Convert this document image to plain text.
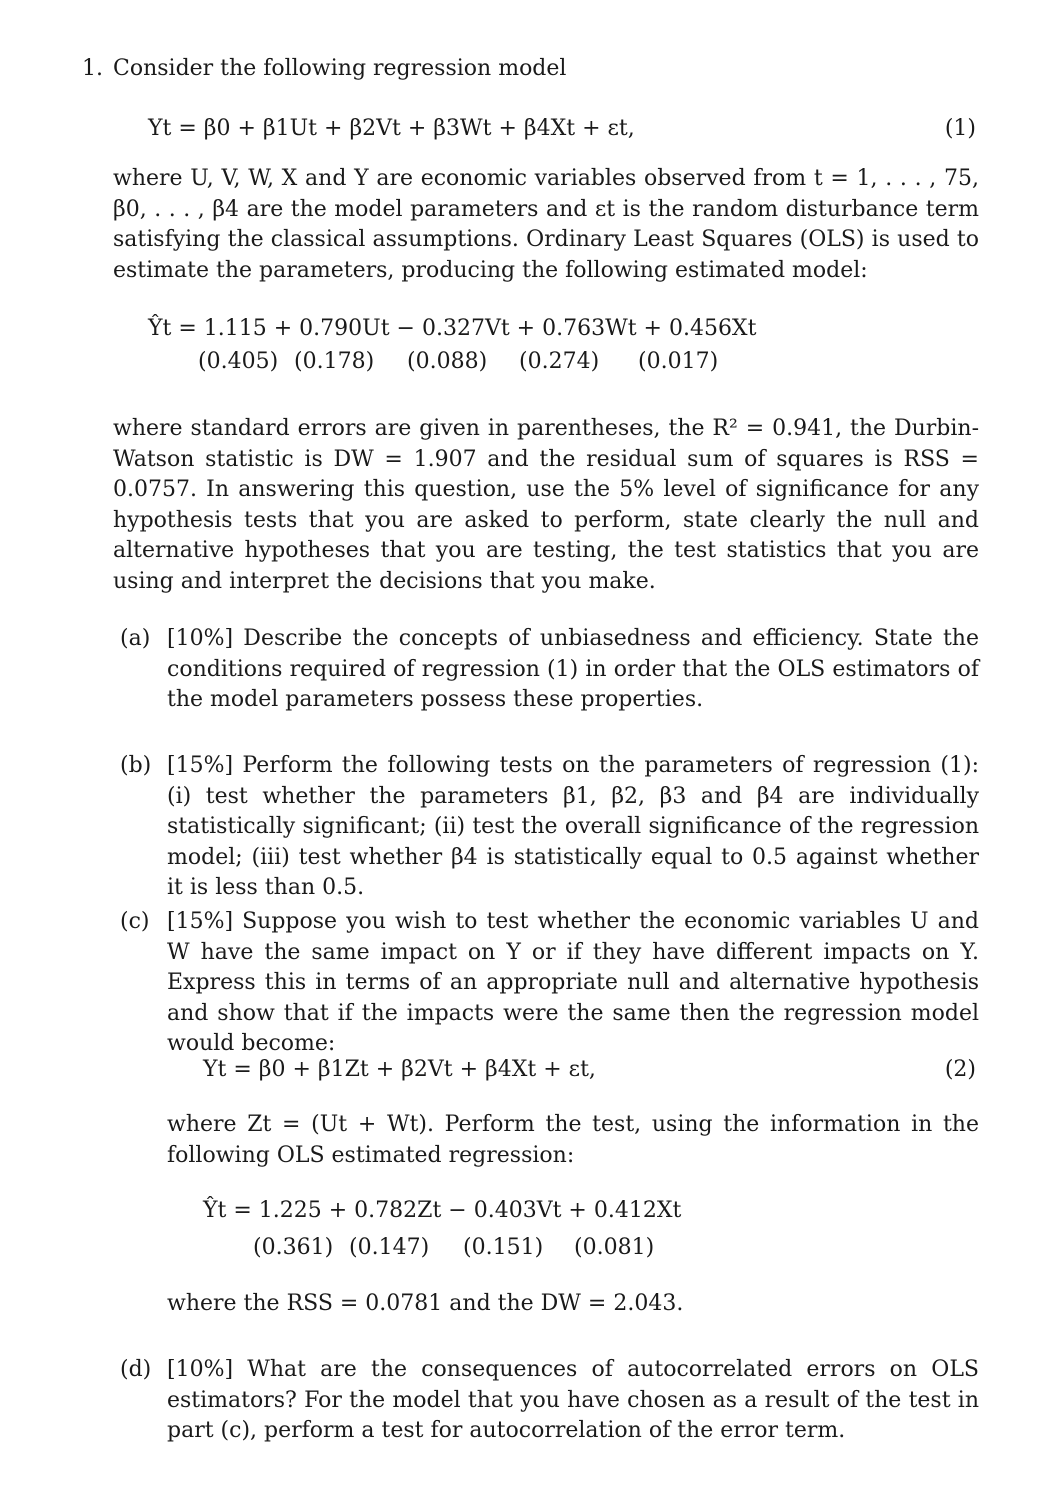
1. Consider the following regression model
Yt = β0 + β1Ut + β2Vt + β3Wt + β4Xt + εt,	(1)

where U, V, W, X and Y are economic variables observed from t = 1, . . . , 75, β0, . . . , β4 are the model parameters and εt is the random disturbance term satisfying the classical assumptions. Ordinary Least Squares (OLS) is used to estimate the parameters, producing the following estimated model:

Ŷt = 1.115 + 0.790Ut − 0.327Vt + 0.763Wt + 0.456Xt
(0.405) (0.178) (0.088) (0.274) (0.017)

where standard errors are given in parentheses, the R² = 0.941, the Durbin-Watson statistic is DW = 1.907 and the residual sum of squares is RSS = 0.0757. In answering this question, use the 5% level of significance for any hypothesis tests that you are asked to perform, state clearly the null and alternative hypotheses that you are testing, the test statistics that you are using and interpret the decisions that you make.

(a) [10%] Describe the concepts of unbiasedness and efficiency. State the conditions required of regression (1) in order that the OLS estimators of the model parameters possess these properties.

(b) [15%] Perform the following tests on the parameters of regression (1): (i) test whether the parameters β1, β2, β3 and β4 are individually statistically significant; (ii) test the overall significance of the regression model; (iii) test whether β4 is statistically equal to 0.5 against whether it is less than 0.5.

(c) [15%] Suppose you wish to test whether the economic variables U and W have the same impact on Y or if they have different impacts on Y. Express this in terms of an appropriate null and alternative hypothesis and show that if the impacts were the same then the regression model would become:

Yt = β0 + β1Zt + β2Vt + β4Xt + εt,	(2)

where Zt = (Ut + Wt). Perform the test, using the information in the following OLS estimated regression:

Ŷt = 1.225 + 0.782Zt − 0.403Vt + 0.412Xt
(0.361) (0.147) (0.151) (0.081)

where the RSS = 0.0781 and the DW = 2.043.

(d) [10%] What are the consequences of autocorrelated errors on OLS estimators? For the model that you have chosen as a result of the test in part (c), perform a test for autocorrelation of the error term.
